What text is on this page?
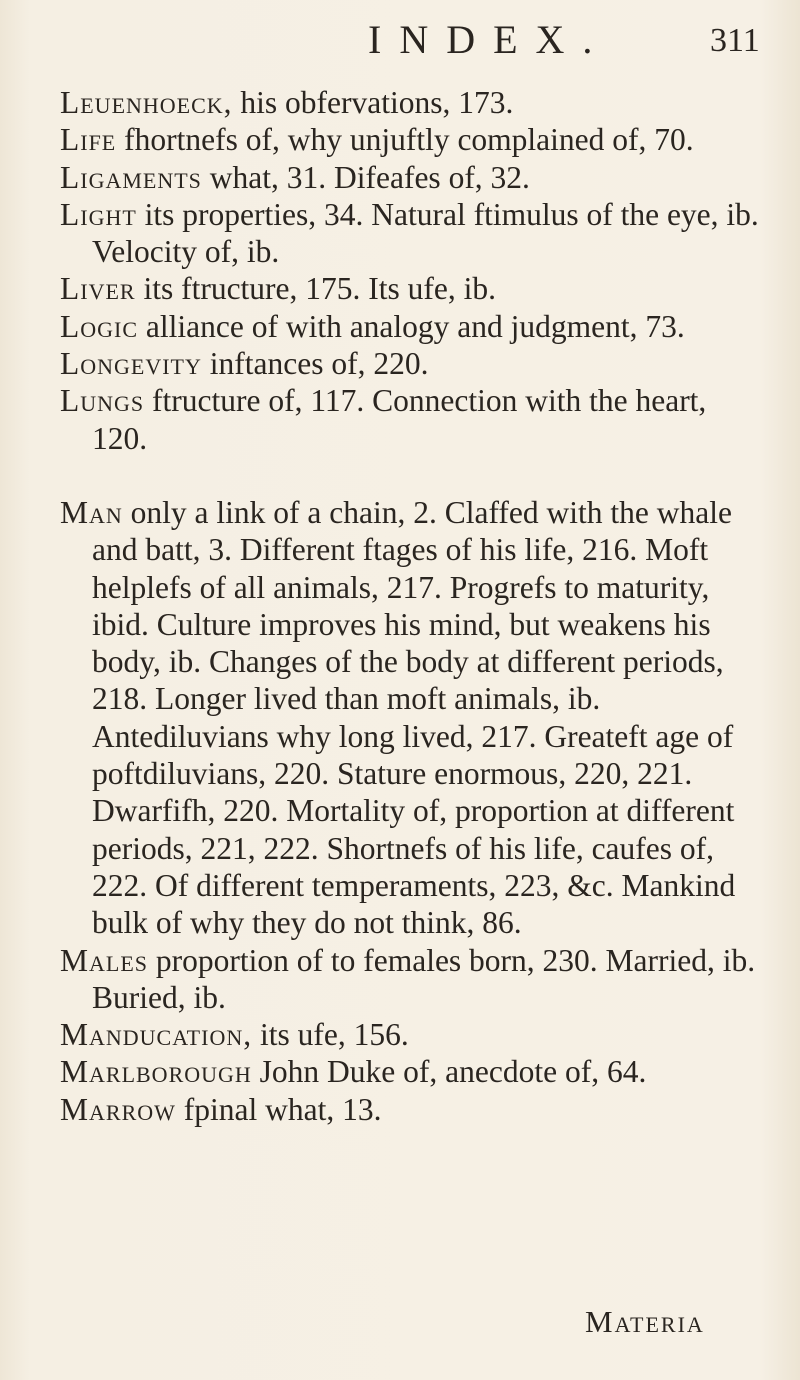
INDEX.	311

Leuenhoeck, his obfervations, 173.

Life fhortnefs of, why unjuftly complained of, 70.

Ligaments what, 31. Difeafes of, 32.

Light its properties, 34. Natural ftimulus of the eye, ib. Velocity of, ib.

Liver its ftructure, 175. Its ufe, ib.

Logic alliance of with analogy and judgment, 73.

Longevity inftances of, 220.

Lungs ftructure of, 117. Connection with the heart, 120.

Man only a link of a chain, 2. Claffed with the whale and batt, 3. Different ftages of his life, 216. Moft helplefs of all animals, 217. Progrefs to maturity, ibid. Culture improves his mind, but weakens his body, ib. Changes of the body at different periods, 218. Longer lived than moft animals, ib. Antediluvians why long lived, 217. Greateft age of poftdiluvians, 220. Stature enormous, 220, 221. Dwarfifh, 220. Mortality of, proportion at different periods, 221, 222. Shortnefs of his life, caufes of, 222. Of different temperaments, 223, &c. Mankind bulk of why they do not think, 86.

Males proportion of to females born, 230. Married, ib. Buried, ib.

Manducation, its ufe, 156.

Marlborough John Duke of, anecdote of, 64.

Marrow fpinal what, 13.

Materia
